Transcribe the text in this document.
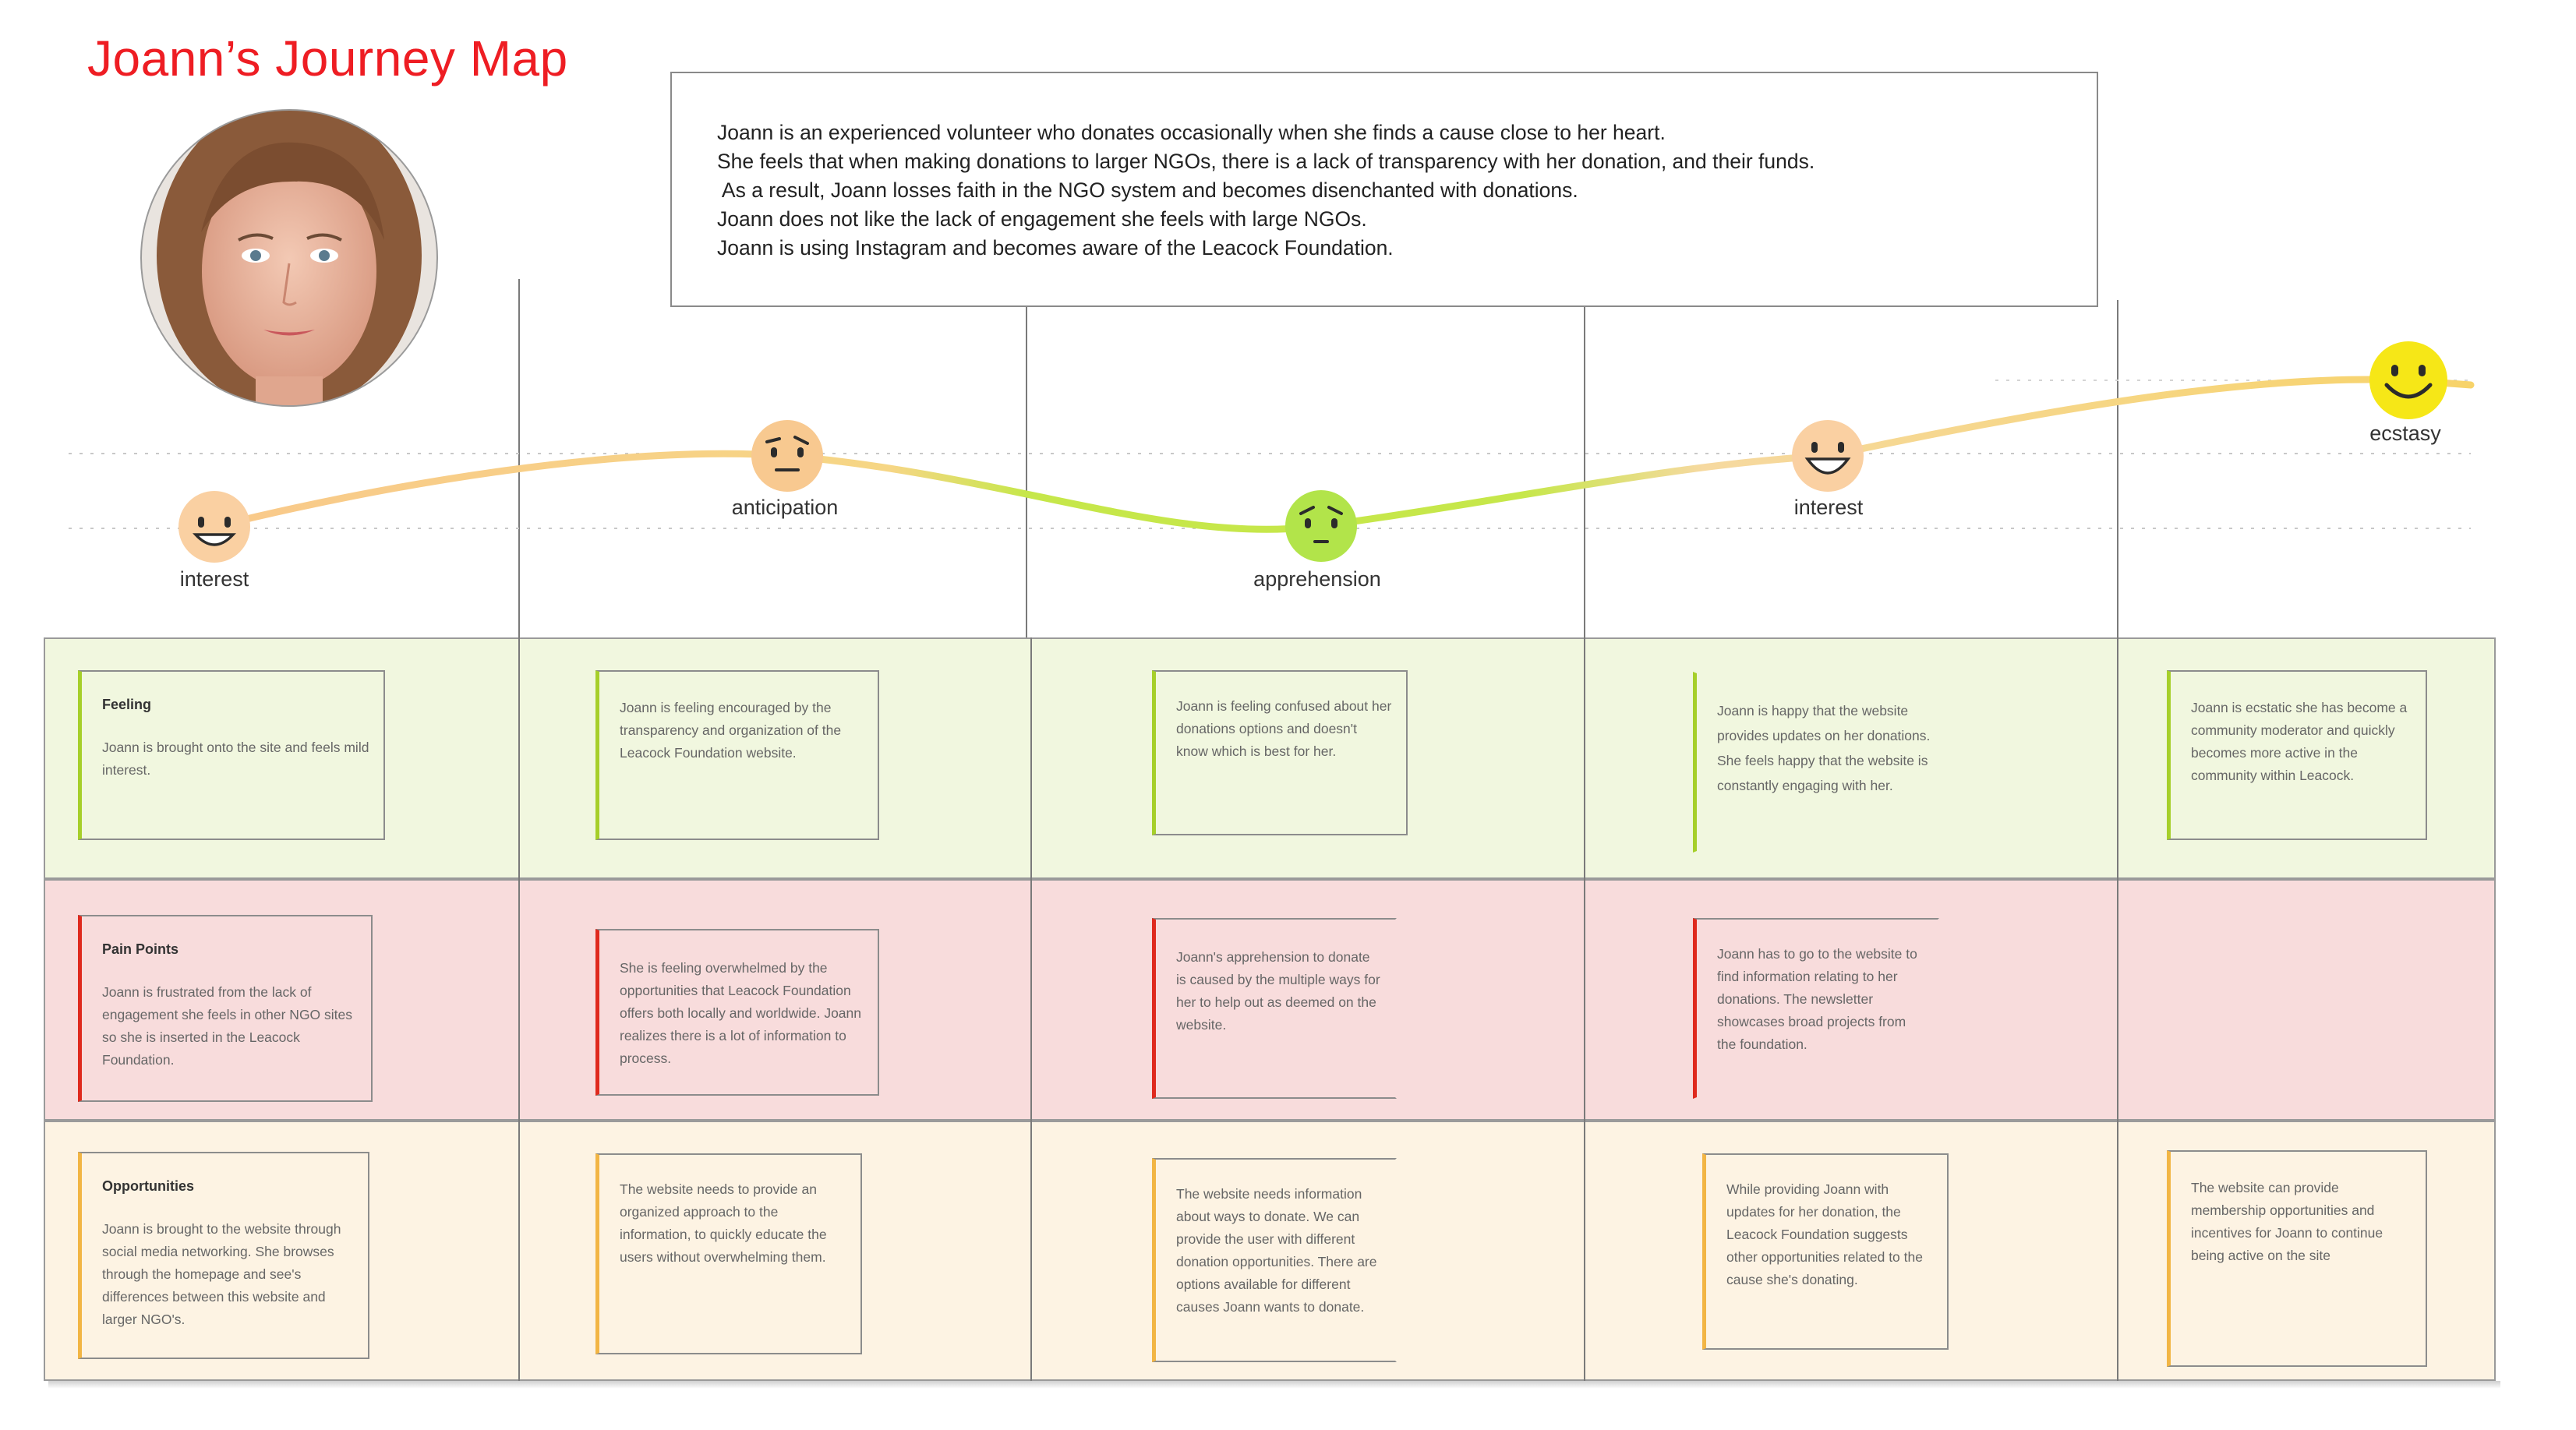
Joann’s Journey Map

Joann is an experienced volunteer who donates occasionally when she finds a cause close to her heart.

She feels that when making donations to larger NGOs, there is a lack of transparency with her donation, and their funds.

As a result, Joann losses faith in the NGO system and becomes disenchanted with donations.

Joann does not like the lack of engagement she feels with large NGOs.

Joann is using Instagram and becomes aware of the Leacock Foundation.

interest
anticipation
apprehension
interest
ecstasy
Feeling
Joann is brought onto the site and feels mild interest.
Joann is feeling encouraged by the transparency and organization of the Leacock Foundation website.
Joann is feeling confused about her donations options and doesn't know which is best for her.
Joann is happy that the website provides updates on her donations. She feels happy that the website is constantly engaging with her.
Joann is ecstatic she has become a community moderator and quickly becomes more active in the community within Leacock.
Pain Points
Joann is frustrated from the lack of engagement she feels in other NGO sites so she is inserted in the Leacock Foundation.
She is feeling overwhelmed by the opportunities that Leacock Foundation offers both locally and worldwide. Joann realizes there is a lot of information to process.
Joann's apprehension to donate is caused by the multiple ways for her to help out as deemed on the website.
Joann has to go to the website to find information relating to her donations. The newsletter showcases broad projects from the foundation.
Opportunities
Joann is brought to the website through social media networking. She browses through the homepage and see's differences between this website and larger NGO's.
The website needs to provide an organized approach to the information, to quickly educate the users without overwhelming them.
The website needs information about ways to donate. We can provide the user with different donation opportunities. There are options available for different causes Joann wants to donate.
While providing Joann with updates for her donation, the Leacock Foundation suggests other opportunities related to the cause she's donating.
The website can provide membership opportunities and incentives for Joann to continue being active on the site
